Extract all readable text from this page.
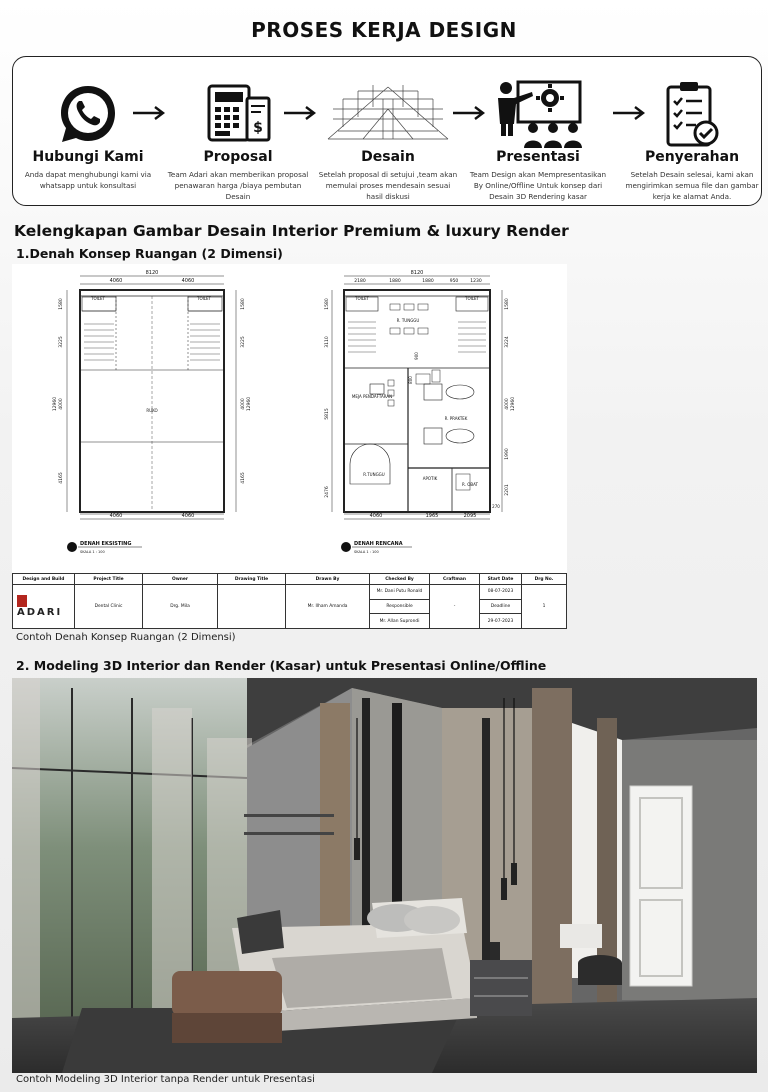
PROSES KERJA DESIGN
Hubungi Kami
Anda dapat menghubungi kami via whatsapp untuk konsultasi
$
Proposal
Team Adari akan memberikan proposal penawaran harga /biaya pembutan Desain
Desain
Setelah proposal di setujui ,team akan memulai proses mendesain sesuai hasil diskusi
Presentasi
Team Design akan Mempresentasikan By Online/Offline Untuk konsep dari Desain 3D Rendering kasar
Penyerahan
Setelah Desain selesai, kami akan mengirimkan semua file dan gambar kerja ke alamat Anda.
Kelengkapan Gambar Desain Interior Premium & luxury Render
1.Denah Konsep Ruangan (2 Dimensi)
8120
4060	4060
4060	4060
TOILET	TOILET
RUKO
1580
3225
4000
4165
12960
1580
3225
4000
4165
12960
DENAH EKSISTING
SKALA 1 : 100
8120
2180	1880	1880	950	1230
4060	1965	2095
TOILET	TOILET
R. TUNGGU
MEJA PENDAFTARAN
R. PRAKTEK
R.TUNGGU
APOTIK
R. OBAT
900
800
270
1580
3110
5815
2476
1580
3224
4000
1990
2201
12960
DENAH RENCANA
SKALA 1 : 100
Design and Build	Project Title	Owner	Drawing Title	Drawn By	Checked By	Craftman	Start Date	Drg No.
ADARI	Dental Clinic	Drg. Mila		Mr. Ilham Amanda	Mr. Dani Putu Ronald	-	08-07-2023	1
					Responsible		Deadline	
					Mr. Allan Suprondi		29-07-2023	
Contoh Denah Konsep Ruangan (2 Dimensi)
2. Modeling 3D Interior dan Render (Kasar) untuk Presentasi Online/Offline
Contoh Modeling 3D Interior tanpa Render untuk Presentasi
